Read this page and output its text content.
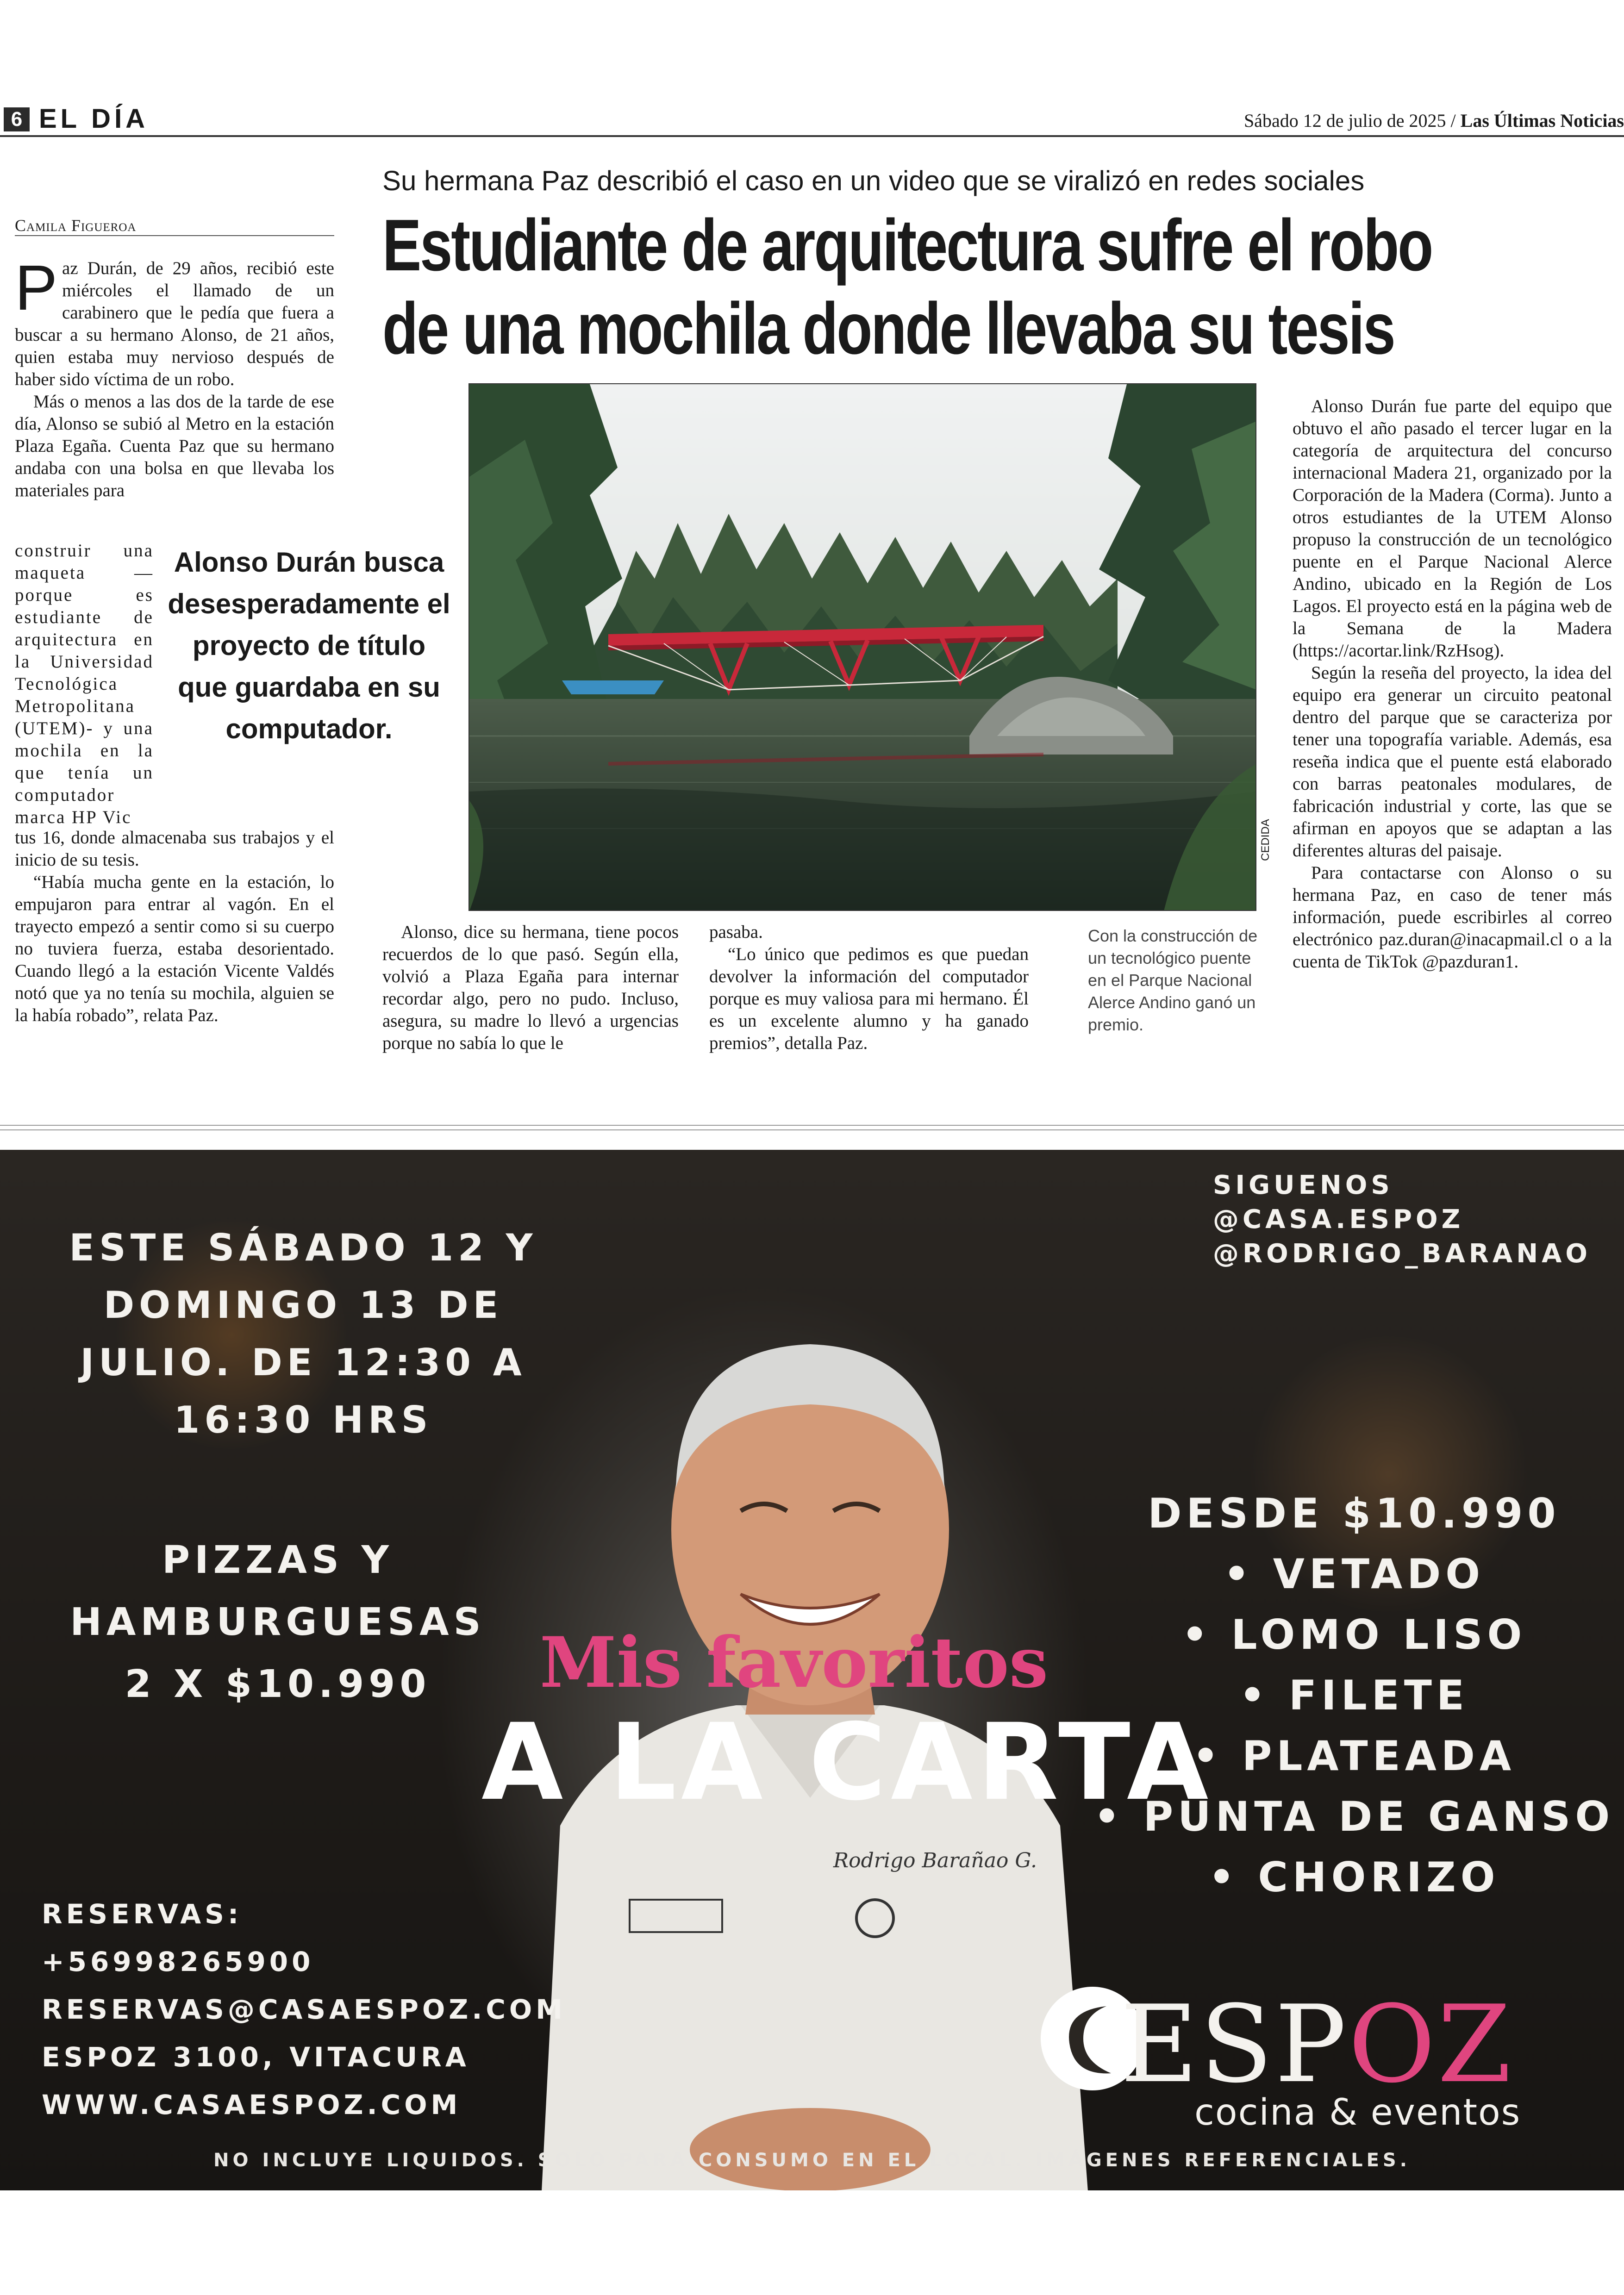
6 EL DÍA	Sábado 12 de julio de 2025 / Las Últimas Noticias
Camila Figueroa
Su hermana Paz describió el caso en un video que se viralizó en redes sociales
Estudiante de arquitectura sufre el robo
de una mochila donde llevaba su tesis

Paz Durán, de 29 años, recibió este miércoles el llamado de un carabinero que le pedía que fuera a buscar a su hermano Alonso, de 21 años, quien estaba muy nervioso después de haber sido víctima de un robo.

Más o menos a las dos de la tarde de ese día, Alonso se subió al Metro en la estación Plaza Egaña. Cuenta Paz que su hermano andaba con una bolsa en que llevaba los materiales para

construir una maqueta —porque es estudiante de arquitectura en la Universidad Tecnológica Metropolitana (UTEM)- y una mochila en la que tenía un computador marca HP Vic

tus 16, donde almacenaba sus trabajos y el inicio de su tesis.

“Había mucha gente en la estación, lo empujaron para entrar al vagón. En el trayecto empezó a sentir como si su cuerpo no tuviera fuerza, estaba desorientado. Cuando llegó a la estación Vicente Valdés notó que ya no tenía su mochila, alguien se la había robado”, relata Paz.

Alonso Durán busca desesperadamente el proyecto de título que guardaba en su computador.
CEDIDA

Alonso, dice su hermana, tiene pocos recuerdos de lo que pasó. Según ella, volvió a Plaza Egaña para internar recordar algo, pero no pudo. Incluso, asegura, su madre lo llevó a urgencias porque no sabía lo que le

pasaba.

“Lo único que pedimos es que puedan devolver la información del computador porque es muy valiosa para mi hermano. Él es un excelente alumno y ha ganado premios”, detalla Paz.

Con la construcción de un tecnológico puente en el Parque Nacional Alerce Andino ganó un premio.

Alonso Durán fue parte del equipo que obtuvo el año pasado el tercer lugar en la categoría de arquitectura del concurso internacional Madera 21, organizado por la Corporación de la Madera (Corma). Junto a otros estudiantes de la UTEM Alonso propuso la construcción de un tecnológico puente en el Parque Nacional Alerce Andino, ubicado en la Región de Los Lagos. El proyecto está en la página web de la Semana de la Madera (https://acortar.link/RzHsog).

Según la reseña del proyecto, la idea del equipo era generar un circuito peatonal dentro del parque que se caracteriza por tener una topografía variable. Además, esa reseña indica que el puente está elaborado con barras peatonales modulares, de fabricación industrial y corte, las que se afirman en apoyos que se adaptan a las diferentes alturas del paisaje.

Para contactarse con Alonso o su hermana Paz, en caso de tener más información, puede escribirles al correo electrónico paz.duran@inacapmail.cl o a la cuenta de TikTok @pazduran1.

ESTE SÁBADO 12 Y
DOMINGO 13 DE
JULIO. DE 12:30 A
16:30 HRS
PIZZAS Y
HAMBURGUESAS
2 X $10.990
SIGUENOS
@CASA.ESPOZ
@RODRIGO_BARANAO
DESDE $10.990
• VETADO
• LOMO LISO
• FILETE
• PLATEADA
• PUNTA DE GANSO
• CHORIZO
Mis favoritos
A LA CARTA
Rodrigo Barañao G.
RESERVAS:
+56998265900
RESERVAS@CASAESPOZ.COM
ESPOZ 3100, VITACURA
WWW.CASAESPOZ.COM	ESPOZ
cocina & eventos
NO INCLUYE LIQUIDOS. SOLO PARA CONSUMO EN EL LOCAL. IMÁGENES REFERENCIALES.
